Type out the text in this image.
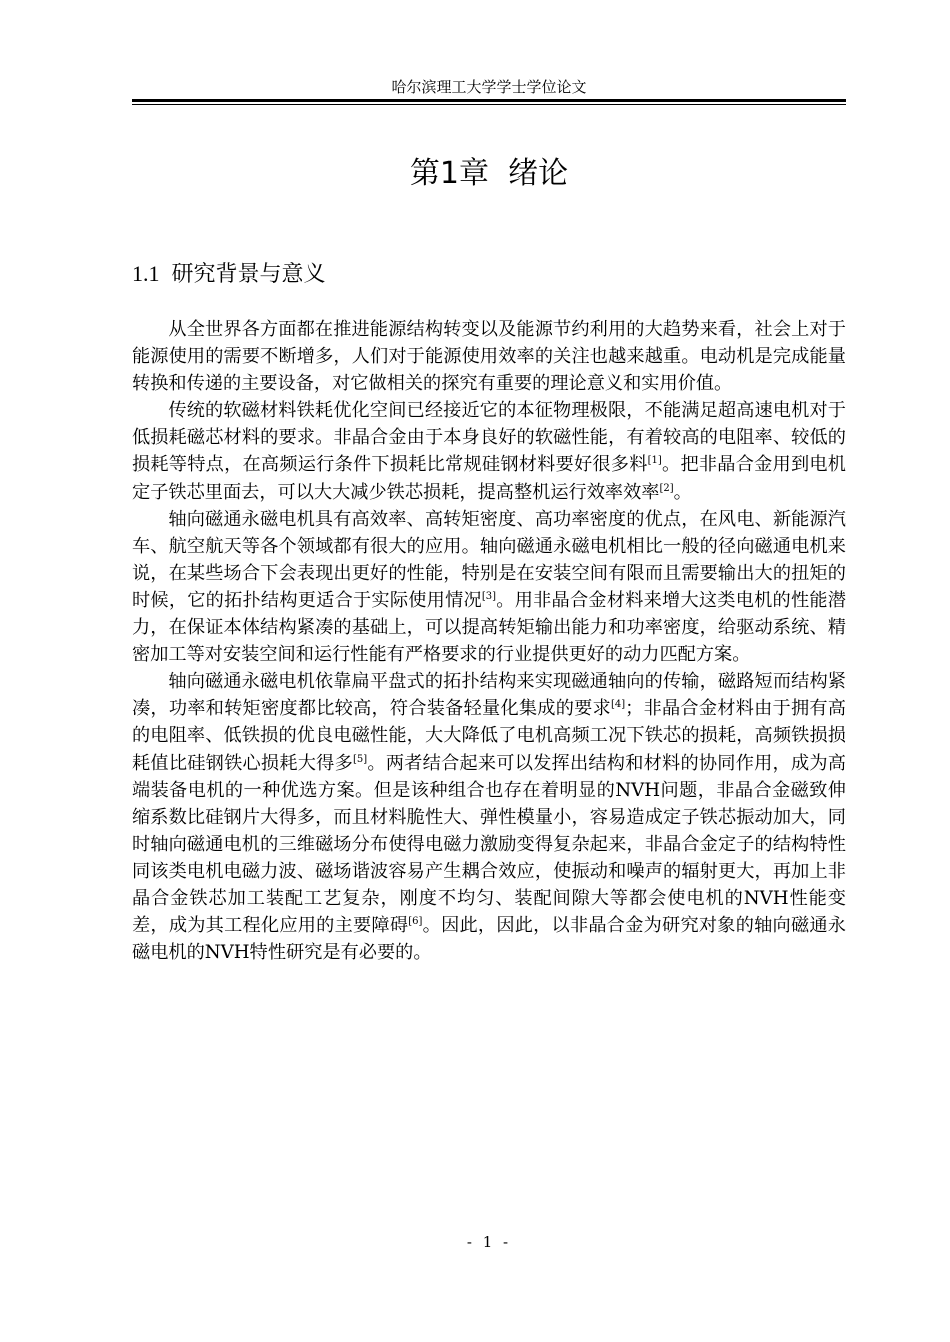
哈尔滨理工大学学士学位论文
第1章  绪论
1.1 研究背景与意义

从全世界各方面都在推进能源结构转变以及能源节约利用的大趋势来看，社会上对于能源使用的需要不断增多，人们对于能源使用效率的关注也越来越重。电动机是完成能量转换和传递的主要设备，对它做相关的探究有重要的理论意义和实用价值。

传统的软磁材料铁耗优化空间已经接近它的本征物理极限，不能满足超高速电机对于低损耗磁芯材料的要求。非晶合金由于本身良好的软磁性能，有着较高的电阻率、较低的损耗等特点，在高频运行条件下损耗比常规硅钢材料要好很多料[1]。把非晶合金用到电机定子铁芯里面去，可以大大减少铁芯损耗，提高整机运行效率效率[2]。

轴向磁通永磁电机具有高效率、高转矩密度、高功率密度的优点，在风电、新能源汽车、航空航天等各个领域都有很大的应用。轴向磁通永磁电机相比一般的径向磁通电机来说，在某些场合下会表现出更好的性能，特别是在安装空间有限而且需要输出大的扭矩的时候，它的拓扑结构更适合于实际使用情况[3]。用非晶合金材料来增大这类电机的性能潜力，在保证本体结构紧凑的基础上，可以提高转矩输出能力和功率密度，给驱动系统、精密加工等对安装空间和运行性能有严格要求的行业提供更好的动力匹配方案。

轴向磁通永磁电机依靠扁平盘式的拓扑结构来实现磁通轴向的传输，磁路短而结构紧凑，功率和转矩密度都比较高，符合装备轻量化集成的要求[4]；非晶合金材料由于拥有高的电阻率、低铁损的优良电磁性能，大大降低了电机高频工况下铁芯的损耗，高频铁损损耗值比硅钢铁心损耗大得多[5]。两者结合起来可以发挥出结构和材料的协同作用，成为高端装备电机的一种优选方案。但是该种组合也存在着明显的NVH问题，非晶合金磁致伸缩系数比硅钢片大得多，而且材料脆性大、弹性模量小，容易造成定子铁芯振动加大，同时轴向磁通电机的三维磁场分布使得电磁力激励变得复杂起来，非晶合金定子的结构特性同该类电机电磁力波、磁场谐波容易产生耦合效应，使振动和噪声的辐射更大，再加上非晶合金铁芯加工装配工艺复杂，刚度不均匀、装配间隙大等都会使电机的NVH性能变差，成为其工程化应用的主要障碍[6]。因此，因此，以非晶合金为研究对象的轴向磁通永磁电机的NVH特性研究是有必要的。

- 1 -
